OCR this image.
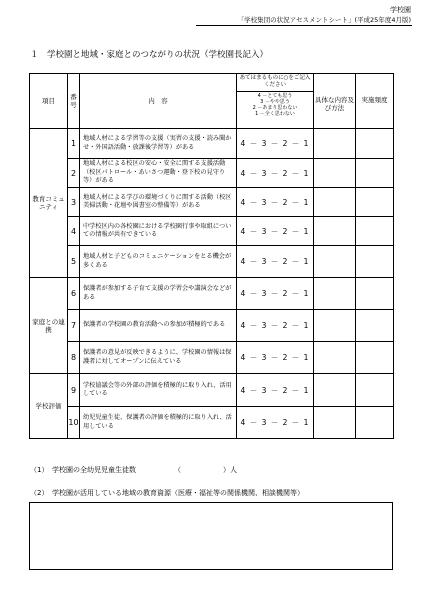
学校園
「学校集団の状況アセスメントシート」(平成25年度4月版)
１　学校園と地域・家庭とのつながりの状況（学校園長記入）
項目	番号	内　容	あてはまるものに○をご記入ください
4 －とても思う
3 －やや思う
2 －あまり思わない
1 －全く思わない	具体な内容及び方法	実施頻度
教育コミュニティ	1	地域人材による学習等の支援（実習の支援・読み聞かせ・外国語活動・放課後学習等）がある	4 － 3 － 2 － 1		
	2	地域人材による校区の安心・安全に関する支援活動（校区パトロール・あいさつ運動・登下校の見守り等）がある	4 － 3 － 2 － 1		
	3	地域人材による学びの環境づくりに関する活動（校区美掃活動・花壇や図書室の整備等）がある	4 － 3 － 2 － 1		
	4	中学校区内の各校園における学校園行事や取組についての情報が共有できている	4 － 3 － 2 － 1		
	5	地域人材と子どものコミュニケーションをとる機会が多くある	4 － 3 － 2 － 1		
家庭との連携	6	保護者が参加する子育て支援の学習会や講演会などがある	4 － 3 － 2 － 1		
	7	保護者の学校園の教育活動への参加が積極的である	4 － 3 － 2 － 1		
	8	保護者の意見が反映できるように、学校園の情報は保護者に対してオープンに伝えている	4 － 3 － 2 － 1		
学校評価	9	学校協議会等の外部の評価を積極的に取り入れ、活用している	4 － 3 － 2 － 1		
	10	幼児児童生徒、保護者の評価を積極的に取り入れ、活用している	4 － 3 － 2 － 1		
（1）　学校園の全幼児児童生徒数	（　　　　　　）人
（2）　学校園が活用している地域の教育資源（医療・福祉等の関係機関、相談機関等）
